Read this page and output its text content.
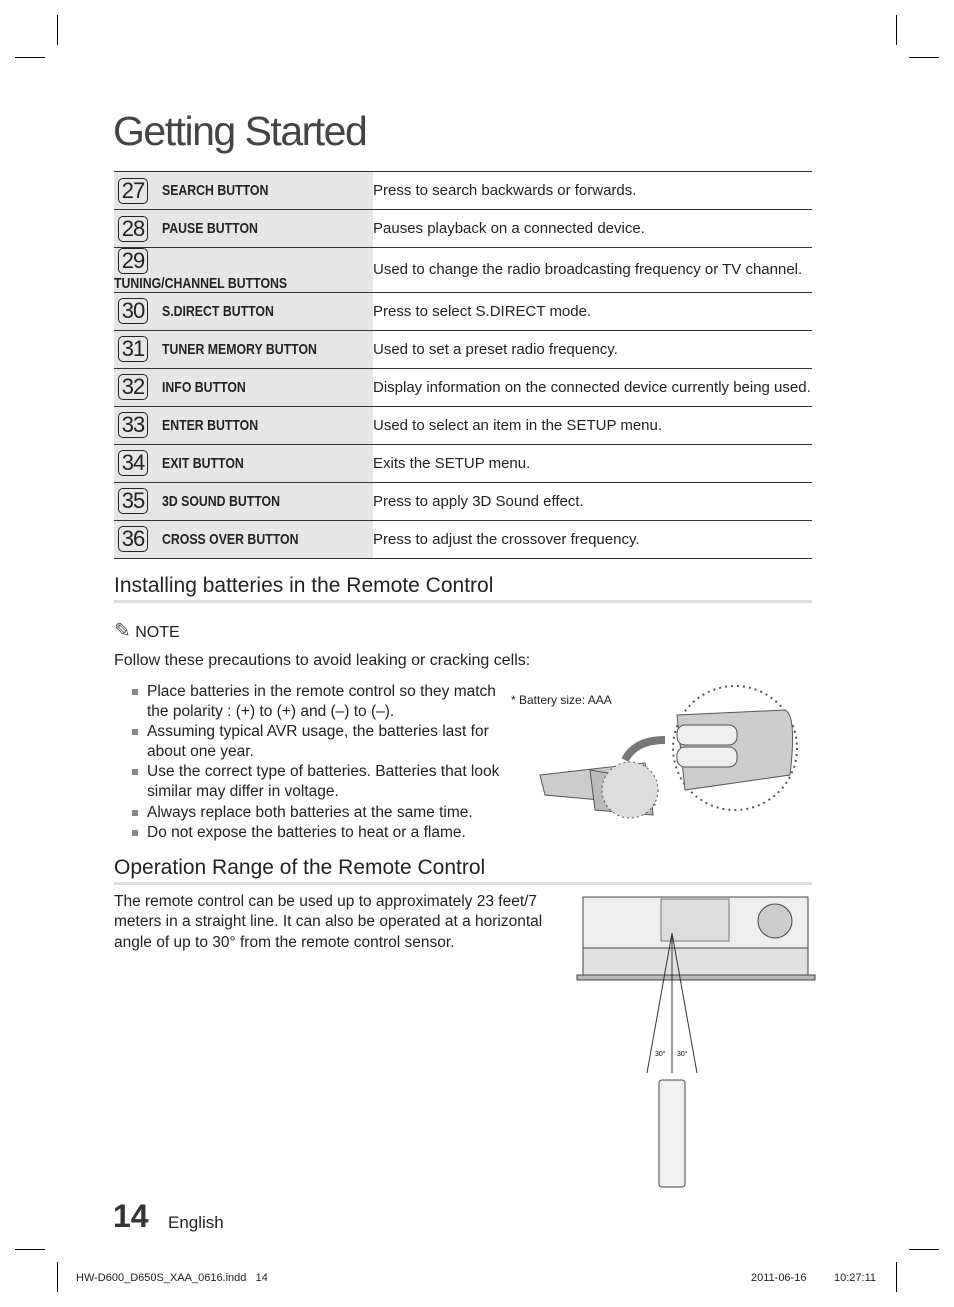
Getting Started
27 SEARCH BUTTON	Press to search backwards or forwards.

28 PAUSE BUTTON	Pauses playback on a connected device.

29TUNING/CHANNEL BUTTONS	Used to change the radio broadcasting frequency or TV channel.

30 S.DIRECT BUTTON	Press to select S.DIRECT mode.

31 TUNER MEMORY BUTTON	Used to set a preset radio frequency.

32 INFO BUTTON	Display information on the connected device currently being used.

33 ENTER BUTTON	Used to select an item in the SETUP menu.

34 EXIT BUTTON	Exits the SETUP menu.

35 3D SOUND BUTTON	Press to apply 3D Sound effect.

36 CROSS OVER BUTTON	Press to adjust the crossover frequency.
Installing batteries in the Remote Control
✎ NOTE
Follow these precautions to avoid leaking or cracking cells:
Place batteries in the remote control so they match the polarity : (+) to (+) and (–) to (–).
Assuming typical AVR usage, the batteries last for about one year.
Use the correct type of batteries. Batteries that look similar may differ in voltage.
Always replace both batteries at the same time.
Do not expose the batteries to heat or a flame.
* Battery size: AAA
Operation Range of the Remote Control
The remote control can be used up to approximately 23 feet/7 meters in a straight line. It can also be operated at a horizontal angle of up to 30° from the remote control sensor.
30° 30°
14 English
HW-D600_D650S_XAA_0616.indd   14	2011-06-16	10:27:11
